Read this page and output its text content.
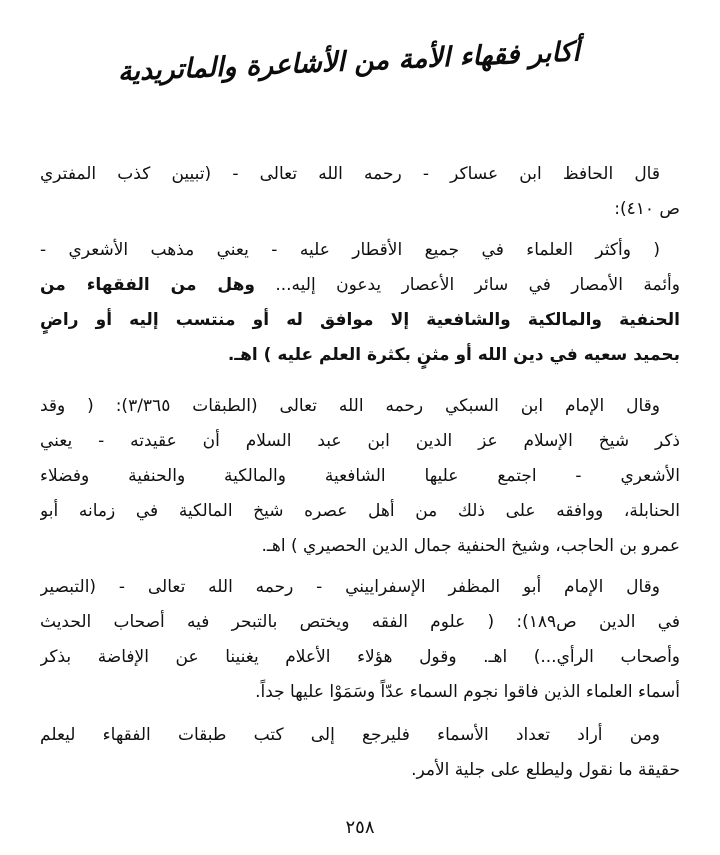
أكابر فقهاء الأمة من الأشاعرة والماتريدية
قال الحافظ ابن عساكر - رحمه الله تعالى - (تبيين كذب المفتري
ص ٤١٠):
( وأكثر العلماء في جميع الأقطار عليه - يعني مذهب الأشعري -
وأئمة الأمصار في سائر الأعصار يدعون إليه... وهل من الفقهاء من
الحنفية والمالكية والشافعية إلا موافق له أو منتسب إليه أو راضٍ
بحميد سعيه في دين الله أو مثنٍ بكثرة العلم عليه ) اهـ.
وقال الإمام ابن السبكي رحمه الله تعالى (الطبقات ٣/٣٦٥): ( وقد
ذكر شيخ الإسلام عز الدين ابن عبد السلام أن عقيدته - يعني
الأشعري - اجتمع عليها الشافعية والمالكية والحنفية وفضلاء
الحنابلة، ووافقه على ذلك من أهل عصره شيخ المالكية في زمانه أبو
عمرو بن الحاجب، وشيخ الحنفية جمال الدين الحصيري ) اهـ.
وقال الإمام أبو المظفر الإسفراييني - رحمه الله تعالى - (التبصير
في الدين ص١٨٩): ( علوم الفقه ويختص بالتبحر فيه أصحاب الحديث
وأصحاب الرأي...) اهـ. وقول هؤلاء الأعلام يغنينا عن الإفاضة بذكر
أسماء العلماء الذين فاقوا نجوم السماء عدّاً وسَمَوْا عليها جداً.
ومن أراد تعداد الأسماء فليرجع إلى كتب طبقات الفقهاء ليعلم
حقيقة ما نقول وليطلع على جلية الأمر.
٢٥٨
